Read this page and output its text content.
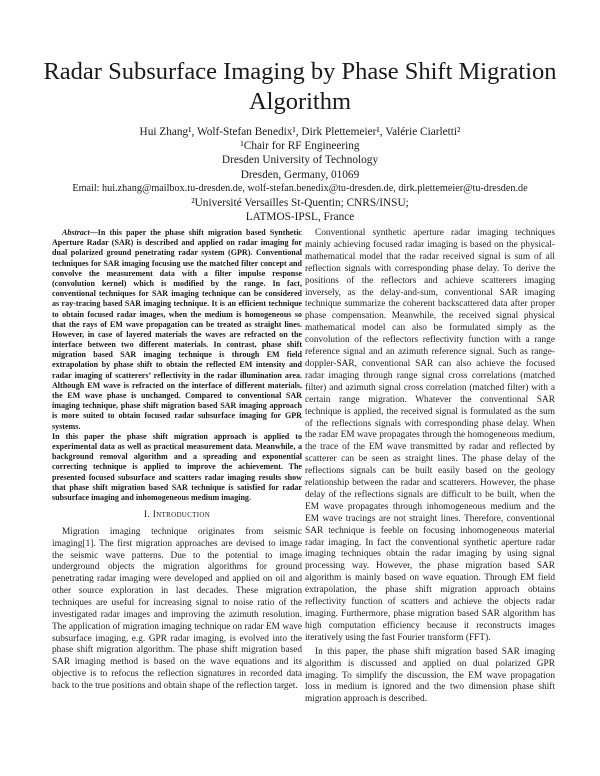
Radar Subsurface Imaging by Phase Shift Migration Algorithm
Hui Zhang¹, Wolf-Stefan Benedix¹, Dirk Plettemeier¹, Valérie Ciarletti²
¹Chair for RF Engineering
Dresden University of Technology
Dresden, Germany, 01069
Email: hui.zhang@mailbox.tu-dresden.de, wolf-stefan.benedix@tu-dresden.de, dirk.plettemeier@tu-dresden.de
²Université Versailles St-Quentin; CNRS/INSU;
LATMOS-IPSL, France

Abstract—In this paper the phase shift migration based Synthetic Aperture Radar (SAR) is described and applied on radar imaging for dual polarized ground penetrating radar system (GPR). Conventional techniques for SAR imaging focusing use the matched filter concept and convolve the measurement data with a filter impulse response (convolution kernel) which is modified by the range. In fact, conventional techniques for SAR imaging technique can be considered as ray-tracing based SAR imaging technique. It is an efficient technique to obtain focused radar images, when the medium is homogeneous so that the rays of EM wave propagation can be treated as straight lines. However, in case of layered materials the waves are refracted on the interface between two different materials. In contrast, phase shift migration based SAR imaging technique is through EM field extrapolation by phase shift to obtain the reflected EM intensity and radar imaging of scatterers’ reflectivity in the radar illumination area. Although EM wave is refracted on the interface of different materials, the EM wave phase is unchanged. Compared to conventional SAR imaging technique, phase shift migration based SAR imaging approach is more suited to obtain focused radar subsurface imaging for GPR systems.

In this paper the phase shift migration approach is applied to experimental data as well as practical measurement data. Meanwhile, a background removal algorithm and a spreading and exponential correcting technique is applied to improve the achievement. The presented focused subsurface and scatters radar imaging results show that phase shift migration based SAR technique is satisfied for radar subsurface imaging and inhomogeneous medium imaging.

I. Introduction

Migration imaging technique originates from seismic imaging[1]. The first migration approaches are devised to image the seismic wave patterns. Due to the potential to image underground objects the migration algorithms for ground penetrating radar imaging were developed and applied on oil and other source exploration in last decades. These migration techniques are useful for increasing signal to noise ratio of the investigated radar images and improving the azimuth resolution. The application of migration imaging technique on radar EM wave subsurface imaging, e.g. GPR radar imaging, is evolved into the phase shift migration algorithm. The phase shift migration based SAR imaging method is based on the wave equations and its objective is to refocus the reflection signatures in recorded data back to the true positions and obtain shape of the reflection target.

Conventional synthetic aperture radar imaging techniques mainly achieving focused radar imaging is based on the physical-mathematical model that the radar received signal is sum of all reflection signals with corresponding phase delay. To derive the positions of the reflectors and achieve scatterers imaging inversely, as the delay-and-sum, conventional SAR imaging technique summarize the coherent backscattered data after proper phase compensation. Meanwhile, the received signal physical mathematical model can also be formulated simply as the convolution of the reflectors reflectivity function with a range reference signal and an azimuth reference signal. Such as range-doppler-SAR, conventional SAR can also achieve the focused radar imaging through range signal cross correlations (matched filter) and azimuth signal cross correlation (matched filter) with a certain range migration. Whatever the conventional SAR technique is applied, the received signal is formulated as the sum of the reflections signals with corresponding phase delay. When the radar EM wave propagates through the homogeneous medium, the trace of the EM wave transmitted by radar and reflected by scatterer can be seen as straight lines. The phase delay of the reflections signals can be built easily based on the geology relationship between the radar and scatterers. However, the phase delay of the reflections signals are difficult to be built, when the EM wave propagates through inhomogeneous medium and the EM wave tracings are not straight lines. Therefore, conventional SAR technique is feeble on focusing inhomogeneous material radar imaging. In fact the conventional synthetic aperture radar imaging techniques obtain the radar imaging by using signal processing way. However, the phase migration based SAR algorithm is mainly based on wave equation. Through EM field extrapolation, the phase shift migration approach obtains reflectivity function of scatters and achieve the objects radar imaging. Furthermore, phase migration based SAR algorithm has high computation efficiency because it reconstructs images iteratively using the fast Fourier transform (FFT).

In this paper, the phase shift migration based SAR imaging algorithm is discussed and applied on dual polarized GPR imaging. To simplify the discussion, the EM wave propagation loss in medium is ignored and the two dimension phase shift migration approach is described.
